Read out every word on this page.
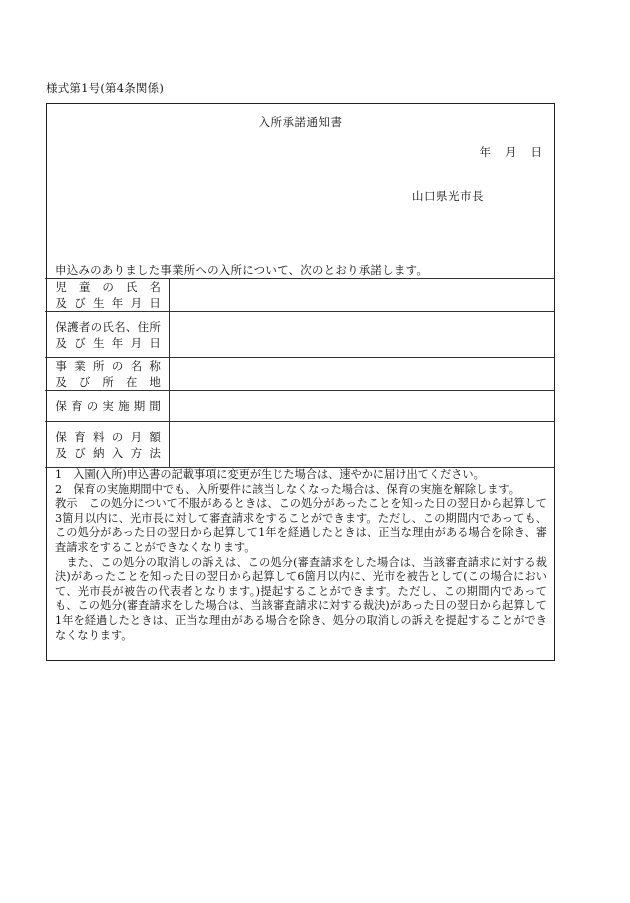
様式第1号(第4条関係)
入所承諾通知書
年 月 日
山口県光市長
申込みのありました事業所への入所について、次のとおり承諾します。
児童の氏名
及び生年月日	

保護者の氏名、住所
及び生年月日	

事業所の名称
及び所在地	

保育の実施期間	

保育料の月額
及び納入方法	

1　入園(入所)申込書の記載事項に変更が生じた場合は、速やかに届け出てください。

2　保育の実施期間中でも、入所要件に該当しなくなった場合は、保育の実施を解除します。

教示　この処分について不服があるときは、この処分があったことを知った日の翌日から起算して3箇月以内に、光市長に対して審査請求をすることができます。ただし、この期間内であっても、この処分があった日の翌日から起算して1年を経過したときは、正当な理由がある場合を除き、審査請求をすることができなくなります。

　また、この処分の取消しの訴えは、この処分(審査請求をした場合は、当該審査請求に対する裁決)があったことを知った日の翌日から起算して6箇月以内に、光市を被告として(この場合において、光市長が被告の代表者となります。)提起することができます。ただし、この期間内であっても、この処分(審査請求をした場合は、当該審査請求に対する裁決)があった日の翌日から起算して1年を経過したときは、正当な理由がある場合を除き、処分の取消しの訴えを提起することができなくなります。
